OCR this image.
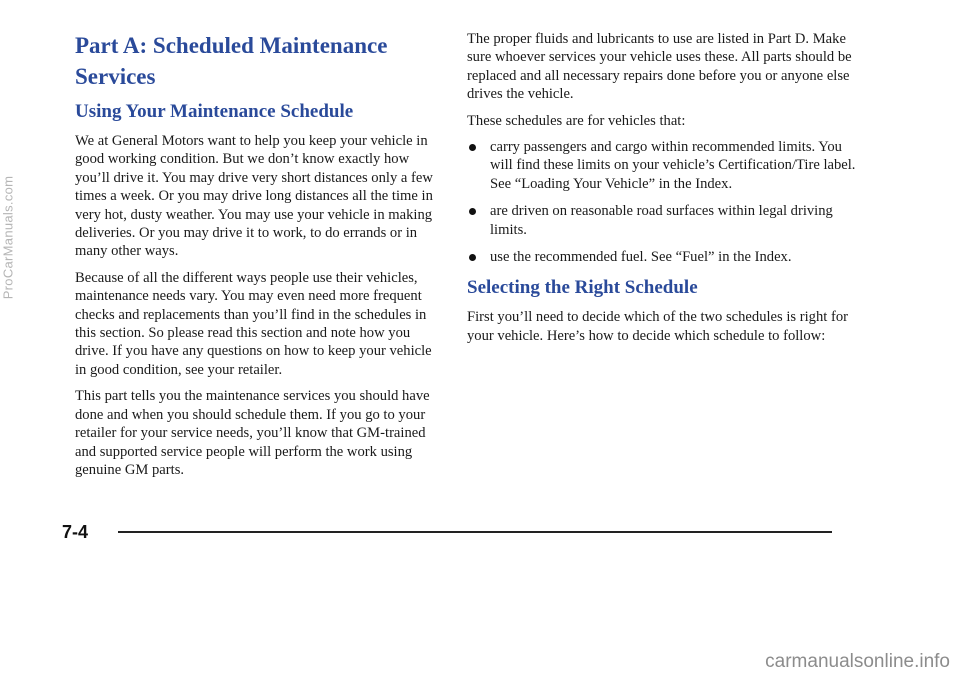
Part A: Scheduled Maintenance
Services
Using Your Maintenance Schedule

We at General Motors want to help you keep your vehicle in good working condition. But we don’t know exactly how you’ll drive it. You may drive very short distances only a few times a week. Or you may drive long distances all the time in very hot, dusty weather. You may use your vehicle in making deliveries. Or you may drive it to work, to do errands or in many other ways.

Because of all the different ways people use their vehicles, maintenance needs vary. You may even need more frequent checks and replacements than you’ll find in the schedules in this section. So please read this section and note how you drive. If you have any questions on how to keep your vehicle in good condition, see your retailer.

This part tells you the maintenance services you should have done and when you should schedule them. If you go to your retailer for your service needs, you’ll know that GM-trained and supported service people will perform the work using genuine GM parts.

The proper fluids and lubricants to use are listed in Part D. Make sure whoever services your vehicle uses these. All parts should be replaced and all necessary repairs done before you or anyone else drives the vehicle.

These schedules are for vehicles that:

carry passengers and cargo within recommended limits. You will find these limits on your vehicle’s Certification/Tire label. See “Loading Your Vehicle” in the Index.
are driven on reasonable road surfaces within legal driving limits.
use the recommended fuel. See “Fuel” in the Index.
Selecting the Right Schedule

First you’ll need to decide which of the two schedules is right for your vehicle. Here’s how to decide which schedule to follow:

7-4
ProCarManuals.com
carmanualsonline.info
